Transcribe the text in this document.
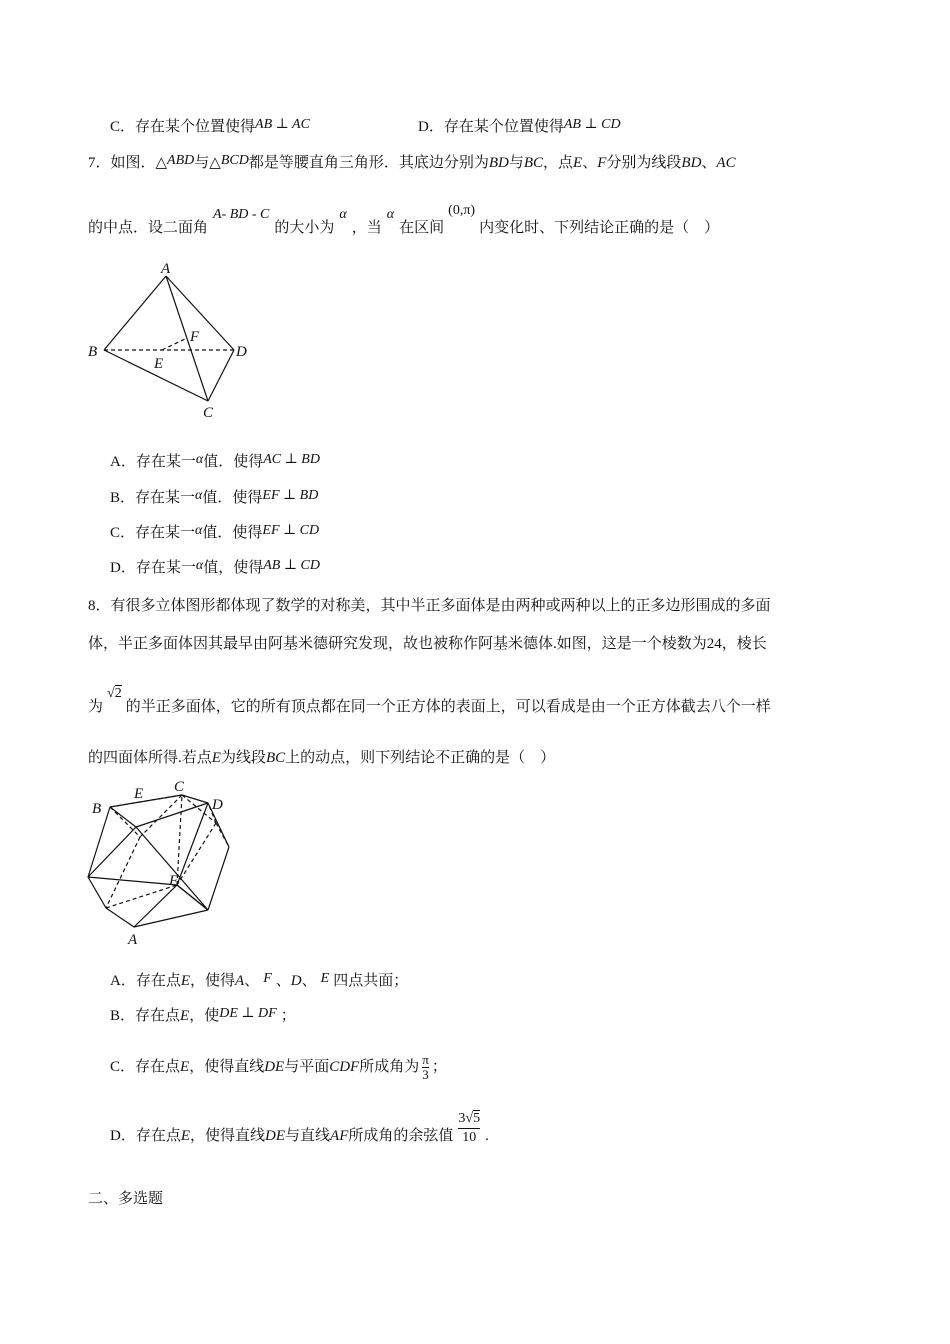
C．存在某个位置使得AB ⊥ AC	D．存在某个位置使得AB ⊥ CD
7．如图．△ABD与△BCD都是等腰直角三角形．其底边分别为BD与BC，点E、F分别为线段BD、AC
的中点．设二面角A- BD - C的大小为α，当α在区间(0,π)内变化时、下列结论正确的是（　）
A
B	D
C
E
F
A．存在某一α值．使得AC ⊥ BD
B．存在某一α值．使得EF ⊥ BD
C．存在某一α值．使得EF ⊥ CD
D．存在某一α值，使得AB ⊥ CD
8．有很多立体图形都体现了数学的对称美，其中半正多面体是由两种或两种以上的正多边形围成的多面
体，半正多面体因其最早由阿基米德研究发现，故也被称作阿基米德体.如图，这是一个棱数为24，棱长
为√2的半正多面体，它的所有顶点都在同一个正方体的表面上，可以看成是由一个正方体截去八个一样
的四面体所得.若点E为线段BC上的动点，则下列结论不正确的是（　）
B
E C
D
F
A
A．存在点E，使得A、 F 、D、 E 四点共面；
B．存在点E，使DE ⊥ DF ；
C．存在点E，使得直线DE与平面CDF所成角为 $\frac{\pi}{3}$ ；
D．存在点E，使得直线DE与直线AF所成角的余弦值 $\frac{3√5}{10}$ .
二、多选题
